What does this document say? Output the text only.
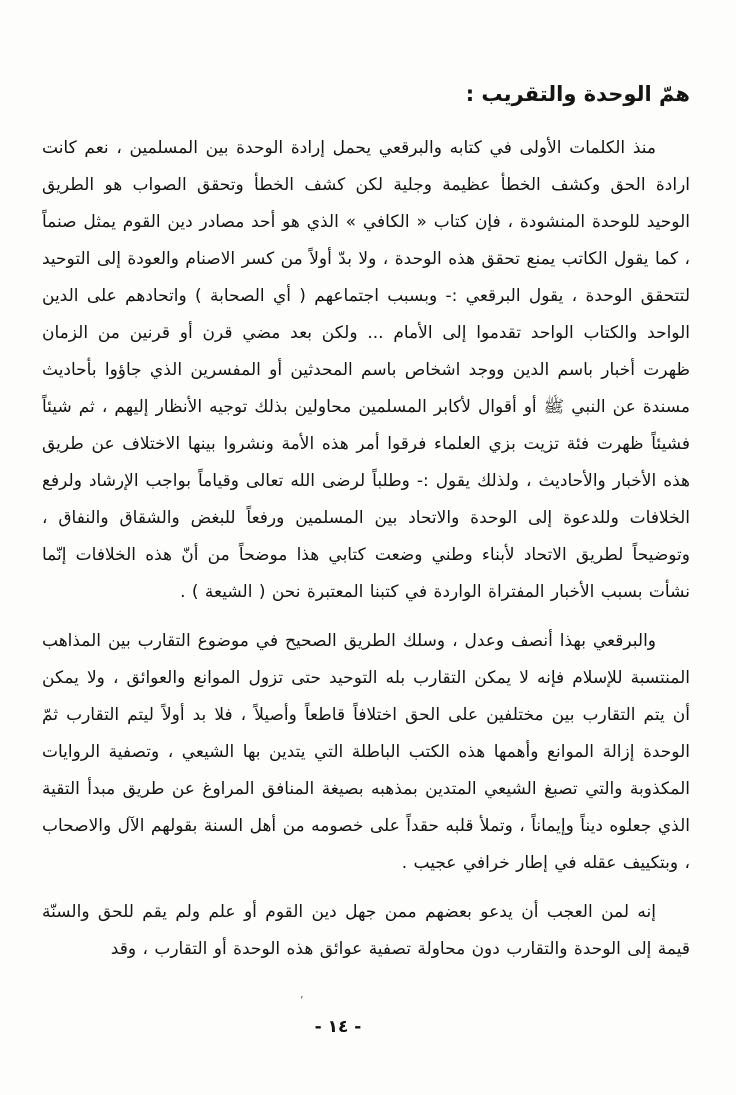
همّ الوحدة والتقريب :

منذ الكلمات الأولى في كتابه والبرقعي يحمل إرادة الوحدة بين المسلمين ، نعم كانت ارادة الحق وكشف الخطأ عظيمة وجلية لكن كشف الخطأ وتحقق الصواب هو الطريق الوحيد للوحدة المنشودة ، فإن كتاب « الكافي » الذي هو أحد مصادر دين القوم يمثل صنماً ، كما يقول الكاتب يمنع تحقق هذه الوحدة ، ولا بدّ أولاً من كسر الاصنام والعودة إلى التوحيد لتتحقق الوحدة ، يقول البرقعي :- وبسبب اجتماعهم ( أي الصحابة ) واتحادهم على الدين الواحد والكتاب الواحد تقدموا إلى الأمام ... ولكن بعد مضي قرن أو قرنين من الزمان ظهرت أخبار باسم الدين ووجد اشخاص باسم المحدثين أو المفسرين الذي جاؤوا بأحاديث مسندة عن النبي ﷺ أو أقوال لأكابر المسلمين محاولين بذلك توجيه الأنظار إليهم ، ثم شيئاً فشيئاً ظهرت فئة تزيت بزي العلماء فرقوا أمر هذه الأمة ونشروا بينها الاختلاف عن طريق هذه الأخبار والأحاديث ، ولذلك يقول :- وطلباً لرضى الله تعالى وقياماً بواجب الإرشاد ولرفع الخلافات وللدعوة إلى الوحدة والاتحاد بين المسلمين ورفعاً للبغض والشقاق والنفاق ، وتوضيحاً لطريق الاتحاد لأبناء وطني وضعت كتابي هذا موضحاً من أنّ هذه الخلافات إنّما نشأت بسبب الأخبار المفتراة الواردة في كتبنا المعتبرة نحن ( الشيعة ) .

والبرقعي بهذا أنصف وعدل ، وسلك الطريق الصحيح في موضوع التقارب بين المذاهب المنتسبة للإسلام فإنه لا يمكن التقارب بله التوحيد حتى تزول الموانع والعوائق ، ولا يمكن أن يتم التقارب بين مختلفين على الحق اختلافاً قاطعاً وأصيلاً ، فلا بد أولاً ليتم التقارب ثمّ الوحدة إزالة الموانع وأهمها هذه الكتب الباطلة التي يتدين بها الشيعي ، وتصفية الروايات المكذوبة والتي تصبغ الشيعي المتدين بمذهبه بصيغة المنافق المراوغ عن طريق مبدأ التقية الذي جعلوه ديناً وإيماناً ، وتملأ قلبه حقداً على خصومه من أهل السنة بقولهم الآل والاصحاب ، وبتكييف عقله في إطار خرافي عجيب .

إنه لمن العجب أن يدعو بعضهم ممن جهل دين القوم أو علم ولم يقم للحق والسنّة قيمة إلى الوحدة والتقارب دون محاولة تصفية عوائق هذه الوحدة أو التقارب ، وقد

’
- ١٤ -
